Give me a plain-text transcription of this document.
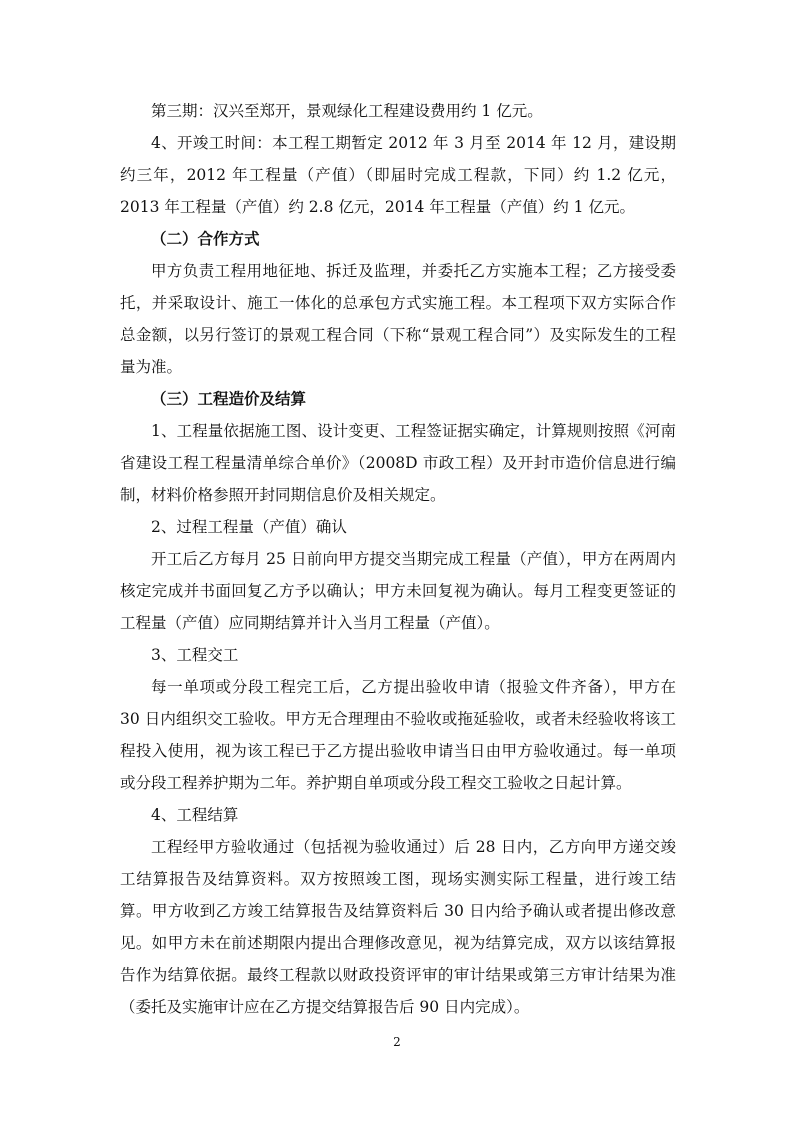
第三期：汉兴至郑开，景观绿化工程建设费用约 1 亿元。

4、开竣工时间：本工程工期暂定 2012 年 3 月至 2014 年 12 月，建设期约三年，2012 年工程量（产值）（即届时完成工程款，下同）约 1.2 亿元，2013 年工程量（产值）约 2.8 亿元，2014 年工程量（产值）约 1 亿元。

（二）合作方式

甲方负责工程用地征地、拆迁及监理，并委托乙方实施本工程；乙方接受委托，并采取设计、施工一体化的总承包方式实施工程。本工程项下双方实际合作总金额，以另行签订的景观工程合同（下称“景观工程合同”）及实际发生的工程量为准。

（三）工程造价及结算

1、工程量依据施工图、设计变更、工程签证据实确定，计算规则按照《河南省建设工程工程量清单综合单价》（2008D 市政工程）及开封市造价信息进行编制，材料价格参照开封同期信息价及相关规定。

2、过程工程量（产值）确认

开工后乙方每月 25 日前向甲方提交当期完成工程量（产值），甲方在两周内核定完成并书面回复乙方予以确认；甲方未回复视为确认。每月工程变更签证的工程量（产值）应同期结算并计入当月工程量（产值）。

3、工程交工

每一单项或分段工程完工后，乙方提出验收申请（报验文件齐备），甲方在 30 日内组织交工验收。甲方无合理理由不验收或拖延验收，或者未经验收将该工程投入使用，视为该工程已于乙方提出验收申请当日由甲方验收通过。每一单项或分段工程养护期为二年。养护期自单项或分段工程交工验收之日起计算。

4、工程结算

工程经甲方验收通过（包括视为验收通过）后 28 日内，乙方向甲方递交竣工结算报告及结算资料。双方按照竣工图，现场实测实际工程量，进行竣工结算。甲方收到乙方竣工结算报告及结算资料后 30 日内给予确认或者提出修改意见。如甲方未在前述期限内提出合理修改意见，视为结算完成，双方以该结算报告作为结算依据。最终工程款以财政投资评审的审计结果或第三方审计结果为准（委托及实施审计应在乙方提交结算报告后 90 日内完成）。

2
